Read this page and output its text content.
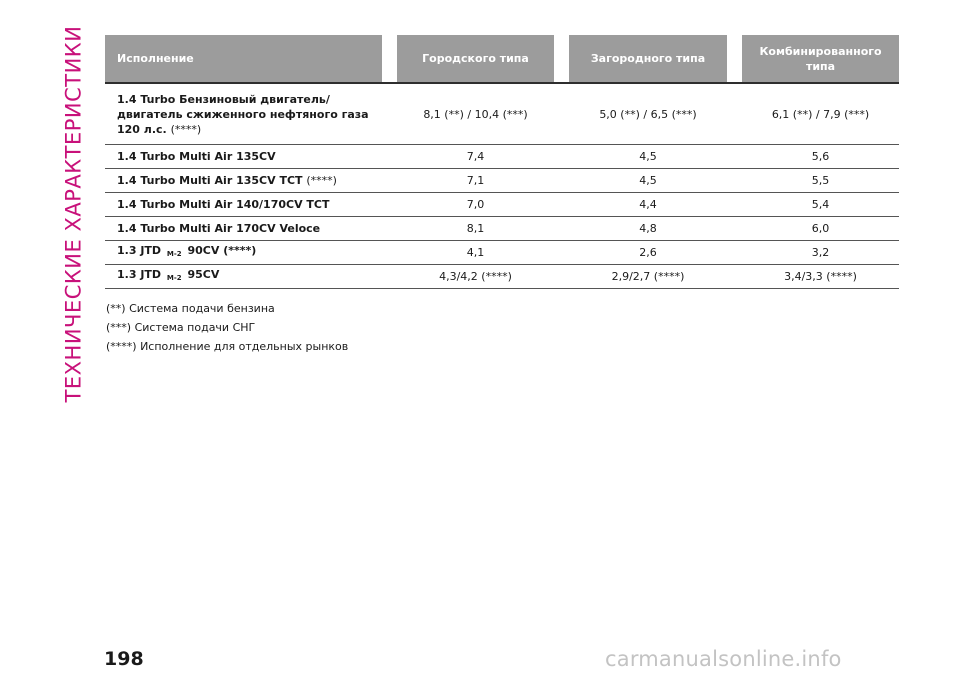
ТЕХНИЧЕСКИЕ ХАРАКТЕРИСТИКИ	Исполнение		Городского типа		Загородного типа		Комбинированного типа
1.4 Turbo Бензиновый двигатель/ двигатель сжиженного нефтяного газа 120 л.с. (****)		8,1 (**) / 10,4 (***)		5,0 (**) / 6,5 (***)		6,1 (**) / 7,9 (***)
1.4 Turbo Multi Air 135CV		7,4		4,5		5,6
1.4 Turbo Multi Air 135CV TCT (****)		7,1		4,5		5,5
1.4 Turbo Multi Air 140/170CV TCT		7,0		4,4		5,4
1.4 Turbo Multi Air 170CV Veloce		8,1		4,8		6,0
1.3 JTD $_{M-2}$ 90CV (****)		4,1		2,6		3,2
1.3 JTD $_{M-2}$ 95CV		4,3/4,2 (****)		2,9/2,7 (****)		3,4/3,3 (****)
(**) Система подачи бензина
(***) Система подачи СНГ
(****) Исполнение для отдельных рынков
198	carmanualsonline.info
